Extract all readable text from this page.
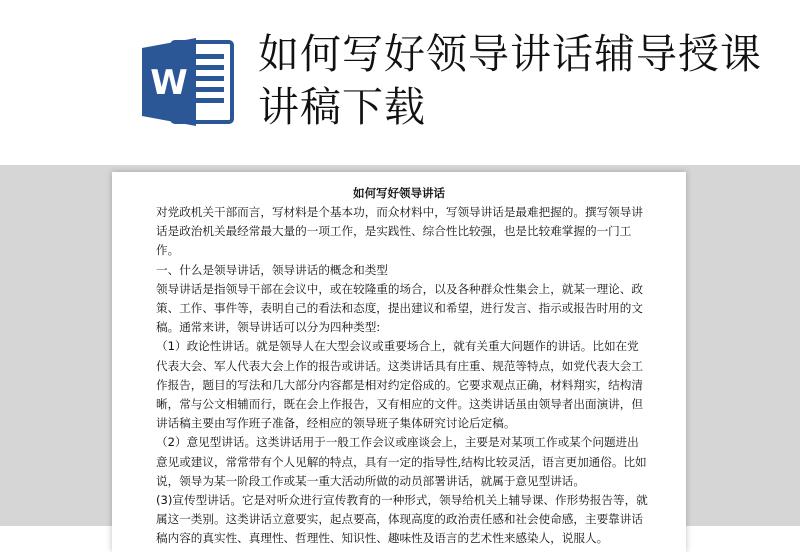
W
如何写好领导讲话辅导授课讲稿下载
如何写好领导讲话

对党政机关干部而言，写材料是个基本功，而众材料中，写领导讲话是最难把握的。撰写领导讲话是政治机关最经常最大量的一项工作，是实践性、综合性比较强，也是比较难掌握的一门工作。

一、什么是领导讲话，领导讲话的概念和类型

领导讲话是指领导干部在会议中，或在较隆重的场合，以及各种群众性集会上，就某一理论、政策、工作、事件等，表明自己的看法和态度，提出建议和希望，进行发言、指示或报告时用的文稿。通常来讲，领导讲话可以分为四种类型:

（1）政论性讲话。就是领导人在大型会议或重要场合上，就有关重大问题作的讲话。比如在党代表大会、军人代表大会上作的报告或讲话。这类讲话具有庄重、规范等特点，如党代表大会工作报告，题目的写法和几大部分内容都是相对约定俗成的。它要求观点正确，材料翔实，结构清晰，常与公文相辅而行，既在会上作报告，又有相应的文件。这类讲话虽由领导者出面演讲，但讲话稿主要由写作班子准备，经相应的领导班子集体研究讨论后定稿。

（2）意见型讲话。这类讲话用于一般工作会议或座谈会上，主要是对某项工作或某个问题进出意见或建议，常常带有个人见解的特点，具有一定的指导性,结构比较灵活，语言更加通俗。比如说，领导为某一阶段工作或某一重大活动所做的动员部署讲话，就属于意见型讲话。

(3)宣传型讲话。它是对听众进行宣传教育的一种形式，领导给机关上辅导课、作形势报告等，就属这一类别。这类讲话立意要实，起点要高，体现高度的政治责任感和社会使命感，主要靠讲话稿内容的真实性、真理性、哲理性、知识性、趣味性及语言的艺术性来感染人，说服人。
